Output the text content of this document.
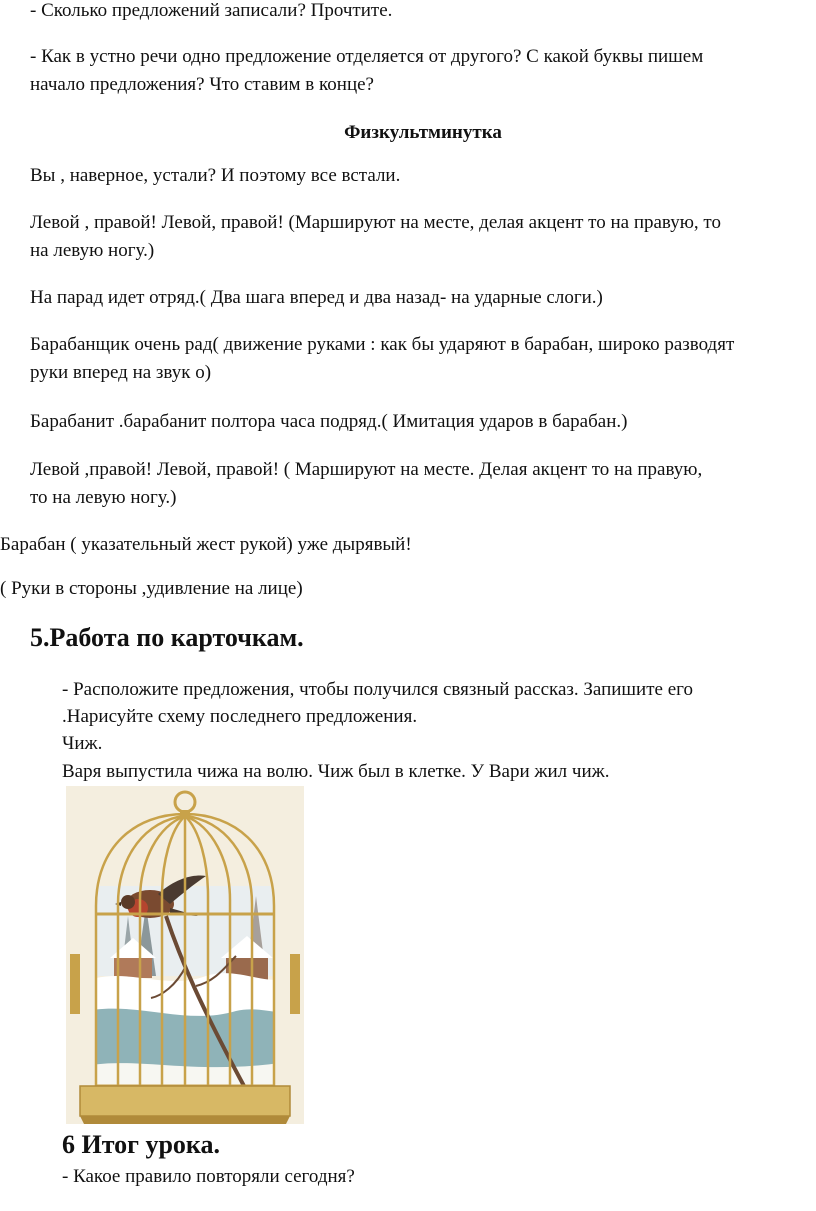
- Сколько предложений записали? Прочтите.
- Как в устно речи одно предложение отделяется от другого? С какой буквы пишем
начало предложения? Что ставим в конце?
Физкультминутка
Вы , наверное, устали? И поэтому все встали.
Левой , правой! Левой, правой! (Маршируют на месте, делая акцент то на правую, то
на левую ногу.)
На парад идет отряд.( Два шага вперед и два назад- на ударные слоги.)
Барабанщик очень рад( движение руками : как бы ударяют в барабан, широко разводят
руки вперед на звук о)
Барабанит .барабанит полтора часа подряд.( Имитация ударов в барабан.)
Левой ,правой! Левой, правой! ( Маршируют на месте. Делая акцент то на правую,
то на левую ногу.)
Барабан ( указательный жест рукой) уже дырявый!
( Руки в стороны ,удивление на лице)
5.Работа по карточкам.
- Расположите предложения, чтобы получился связный рассказ. Запишите его
.Нарисуйте схему последнего предложения.
Чиж.
Варя выпустила чижа на волю. Чиж был в клетке. У Вари жил чиж.
6 Итог урока.
- Какое правило повторяли сегодня?
